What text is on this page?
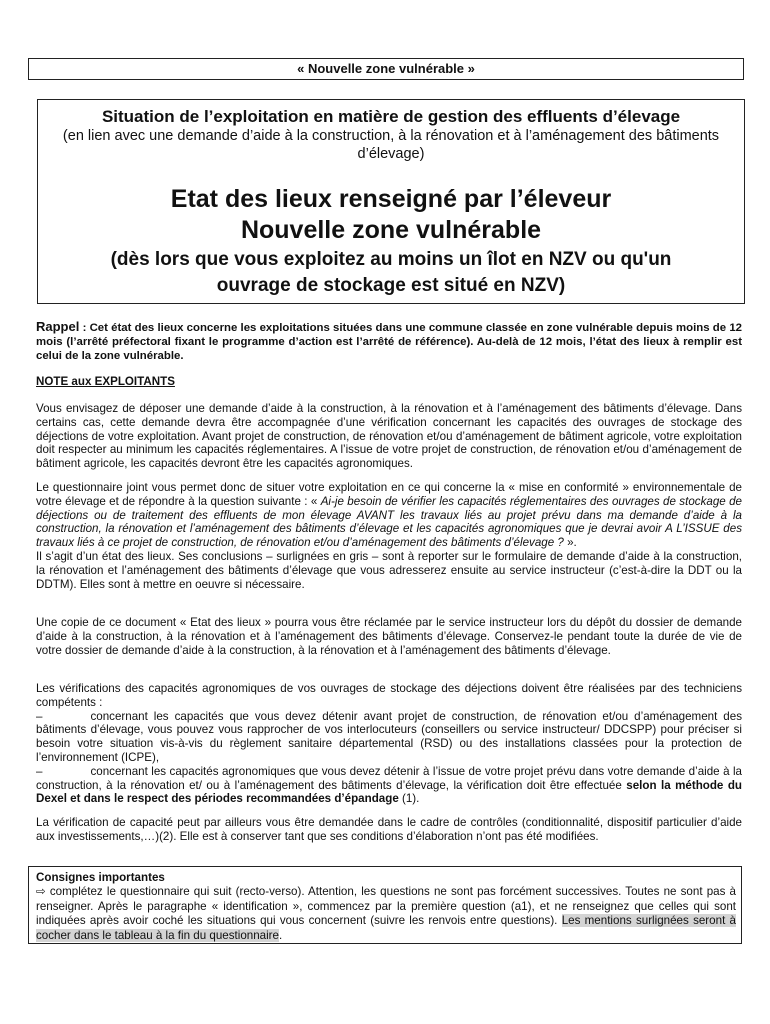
« Nouvelle zone vulnérable »
Situation de l’exploitation en matière de gestion des effluents d’élevage
(en lien avec une demande d’aide à la construction, à la rénovation et à l’aménagement des bâtiments d’élevage)
Etat des lieux renseigné par l’éleveur
Nouvelle zone vulnérable
(dès lors que vous exploitez au moins un îlot en NZV ou qu'un
ouvrage de stockage est situé en NZV)
Rappel : Cet état des lieux concerne les exploitations situées dans une commune classée en zone vulnérable depuis moins de 12 mois (l’arrêté préfectoral fixant le programme d’action est l’arrêté de référence). Au-delà de 12 mois, l’état des lieux à remplir est celui de la zone vulnérable.
NOTE aux EXPLOITANTS
Vous envisagez de déposer une demande d’aide à la construction, à la rénovation et à l’aménagement des bâtiments d’élevage. Dans certains cas, cette demande devra être accompagnée d’une vérification concernant les capacités des ouvrages de stockage des déjections de votre exploitation. Avant projet de construction, de rénovation et/ou d’aménagement de bâtiment agricole, votre exploitation doit respecter au minimum les capacités réglementaires. A l’issue de votre projet de construction, de rénovation et/ou d’aménagement de bâtiment agricole, les capacités devront être les capacités agronomiques.
Le questionnaire joint vous permet donc de situer votre exploitation en ce qui concerne la « mise en conformité » environnementale de votre élevage et de répondre à la question suivante : « Ai-je besoin de vérifier les capacités réglementaires des ouvrages de stockage de déjections ou de traitement des effluents de mon élevage AVANT les travaux liés au projet prévu dans ma demande d’aide à la construction, la rénovation et l’aménagement des bâtiments d’élevage et les capacités agronomiques que je devrai avoir A L’ISSUE des travaux liés à ce projet de construction, de rénovation et/ou d’aménagement des bâtiments d’élevage ? ».
Il s’agit d’un état des lieux. Ses conclusions – surlignées en gris – sont à reporter sur le formulaire de demande d’aide à la construction, la rénovation et l’aménagement des bâtiments d’élevage que vous adresserez ensuite au service instructeur (c’est-à-dire la DDT ou la DDTM). Elles sont à mettre en oeuvre si nécessaire.
Une copie de ce document « Etat des lieux » pourra vous être réclamée par le service instructeur lors du dépôt du dossier de demande d’aide à la construction, à la rénovation et à l’aménagement des bâtiments d’élevage. Conservez-le pendant toute la durée de vie de votre dossier de demande d’aide à la construction, à la rénovation et à l’aménagement des bâtiments d’élevage.
Les vérifications des capacités agronomiques de vos ouvrages de stockage des déjections doivent être réalisées par des techniciens compétents :
–	concernant les capacités que vous devez détenir avant projet de construction, de rénovation et/ou d’aménagement des bâtiments d’élevage, vous pouvez vous rapprocher de vos interlocuteurs (conseillers ou service instructeur/ DDCSPP) pour préciser si besoin votre situation vis-à-vis du règlement sanitaire départemental (RSD) ou des installations classées pour la protection de l’environnement (ICPE),
–	concernant les capacités agronomiques que vous devez détenir à l’issue de votre projet prévu dans votre demande d’aide à la construction, à la rénovation et/ ou à l’aménagement des bâtiments d’élevage, la vérification doit être effectuée selon la méthode du Dexel et dans le respect des périodes recommandées d’épandage (1).
La vérification de capacité peut par ailleurs vous être demandée dans le cadre de contrôles (conditionnalité, dispositif particulier d’aide aux investissements,…)(2). Elle est à conserver tant que ses conditions d’élaboration n’ont pas été modifiées.
Consignes importantes
⇨ complétez le questionnaire qui suit (recto-verso). Attention, les questions ne sont pas forcément successives. Toutes ne sont pas à renseigner. Après le paragraphe « identification », commencez par la première question (a1), et ne renseignez que celles qui sont indiquées après avoir coché les situations qui vous concernent (suivre les renvois entre questions). Les mentions surlignées seront à cocher dans le tableau à la fin du questionnaire.
